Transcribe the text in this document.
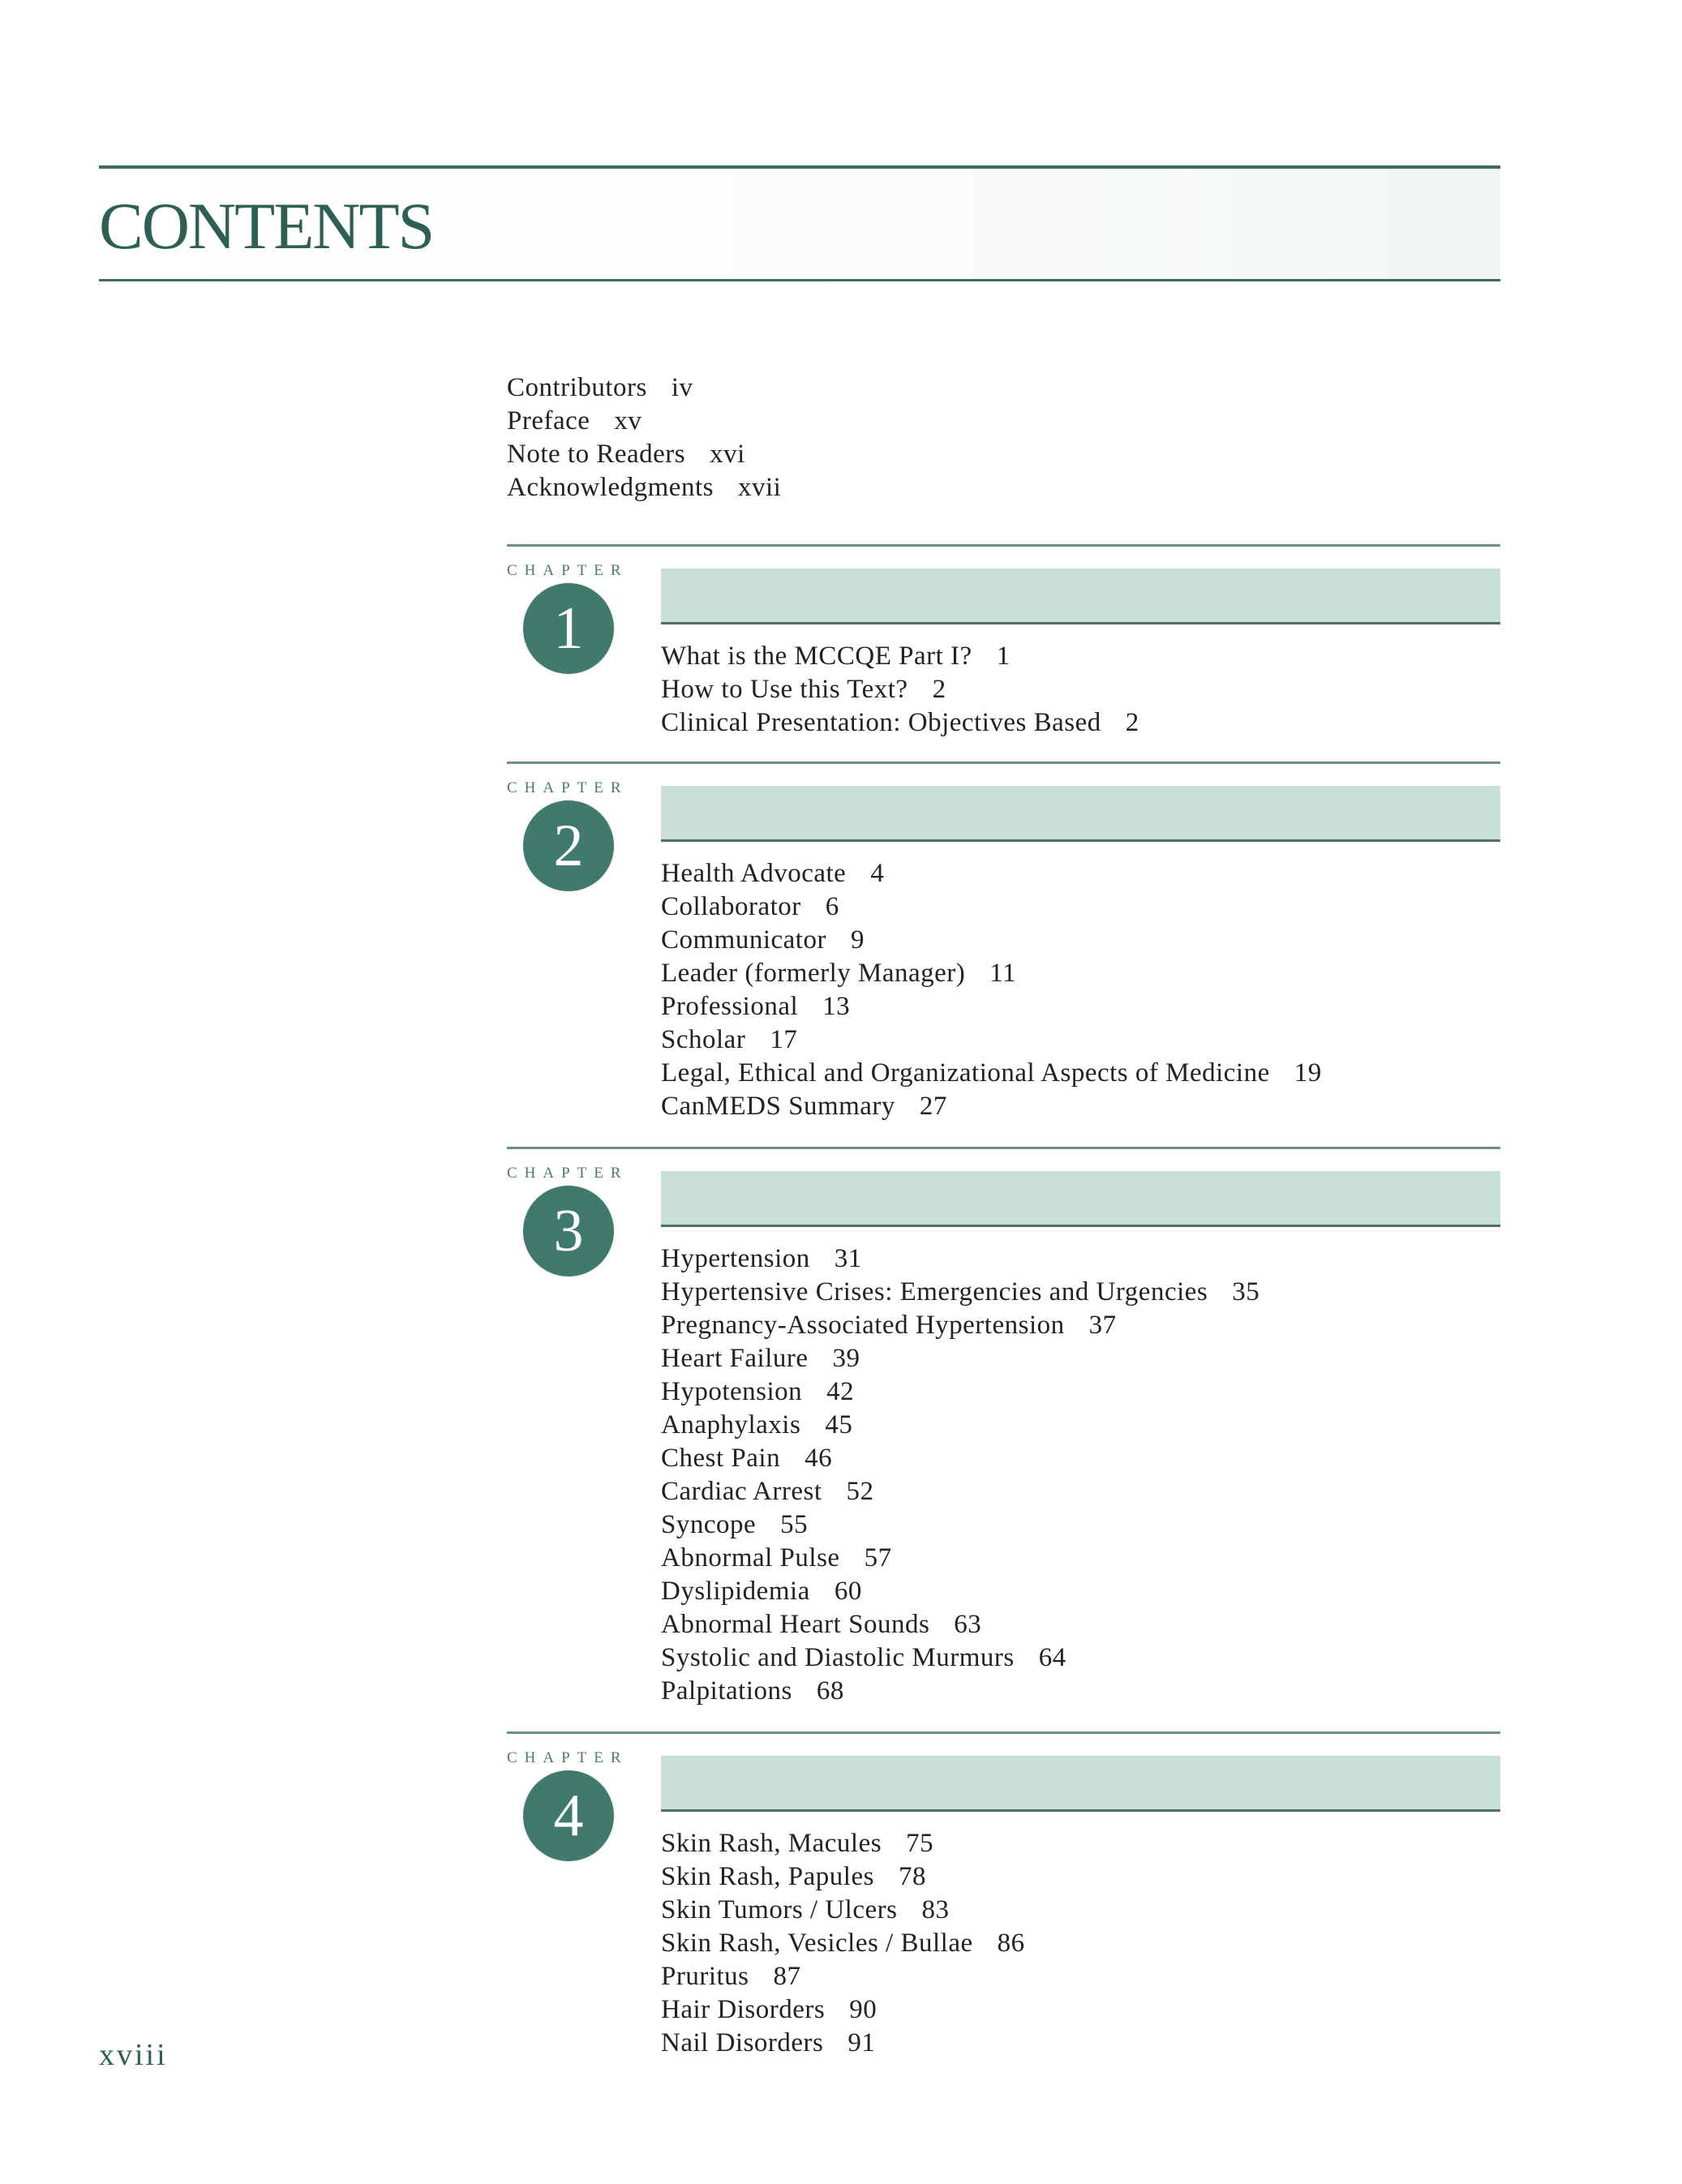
CONTENTS
Contributors iv
Preface xv
Note to Readers xvi
Acknowledgments xvii
CHAPTER
1	What is the MCCQE Part I? 1
How to Use this Text? 2
Clinical Presentation: Objectives Based 2
CHAPTER
2	Health Advocate 4
Collaborator 6
Communicator 9
Leader (formerly Manager) 11
Professional 13
Scholar 17
Legal, Ethical and Organizational Aspects of Medicine 19
CanMEDS Summary 27
CHAPTER
3	Hypertension 31
Hypertensive Crises: Emergencies and Urgencies 35
Pregnancy-Associated Hypertension 37
Heart Failure 39
Hypotension 42
Anaphylaxis 45
Chest Pain 46
Cardiac Arrest 52
Syncope 55
Abnormal Pulse 57
Dyslipidemia 60
Abnormal Heart Sounds 63
Systolic and Diastolic Murmurs 64
Palpitations 68
CHAPTER
4	Skin Rash, Macules 75
Skin Rash, Papules 78
Skin Tumors / Ulcers 83
Skin Rash, Vesicles / Bullae 86
Pruritus 87
Hair Disorders 90
Nail Disorders 91
xviii
